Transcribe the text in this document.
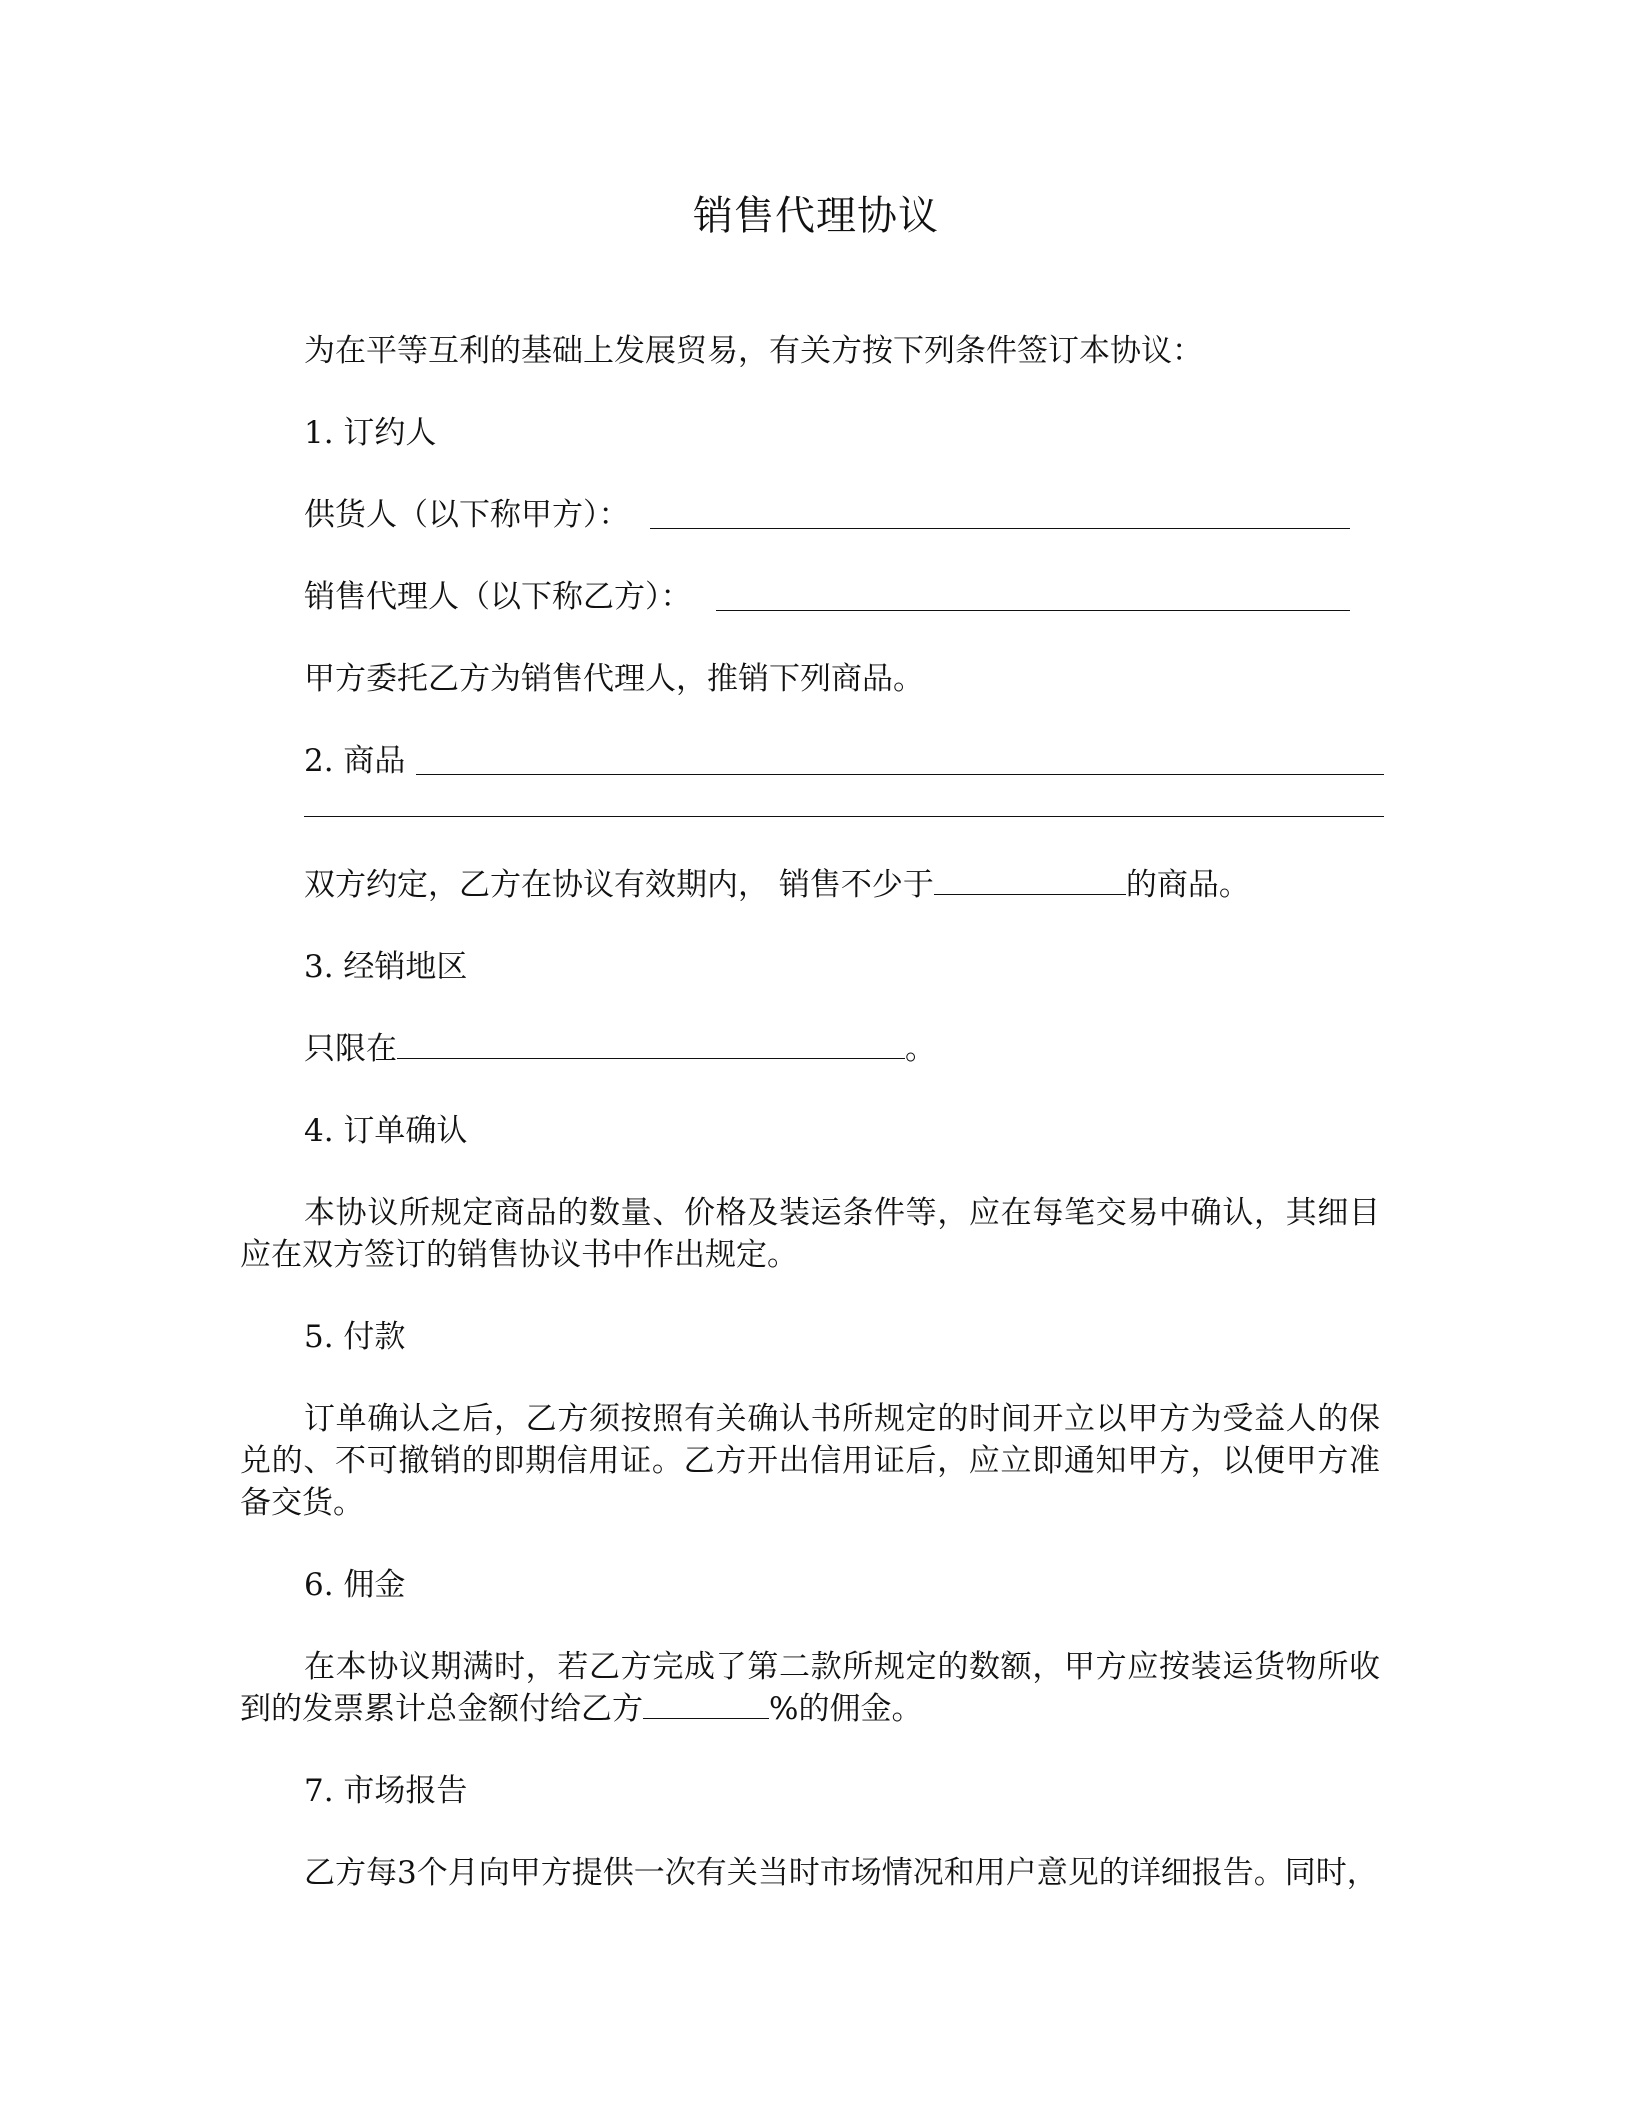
销售代理协议
为在平等互利的基础上发展贸易，有关方按下列条件签订本协议：
1. 订约人
供货人（以下称甲方）：
销售代理人（以下称乙方）：
甲方委托乙方为销售代理人，推销下列商品。
2. 商品
双方约定，乙方在协议有效期内， 销售不少于	的商品。
3. 经销地区
只限在	。
4. 订单确认
本协议所规定商品的数量、价格及装运条件等，应在每笔交易中确认，其细目应在双方签订的销售协议书中作出规定。
5. 付款
订单确认之后，乙方须按照有关确认书所规定的时间开立以甲方为受益人的保兑的、不可撤销的即期信用证。乙方开出信用证后，应立即通知甲方，以便甲方准备交货。
6. 佣金
在本协议期满时，若乙方完成了第二款所规定的数额，甲方应按装运货物所收到的发票累计总金额付给乙方	%的佣金。
7. 市场报告
乙方每3个月向甲方提供一次有关当时市场情况和用户意见的详细报告。同时，
